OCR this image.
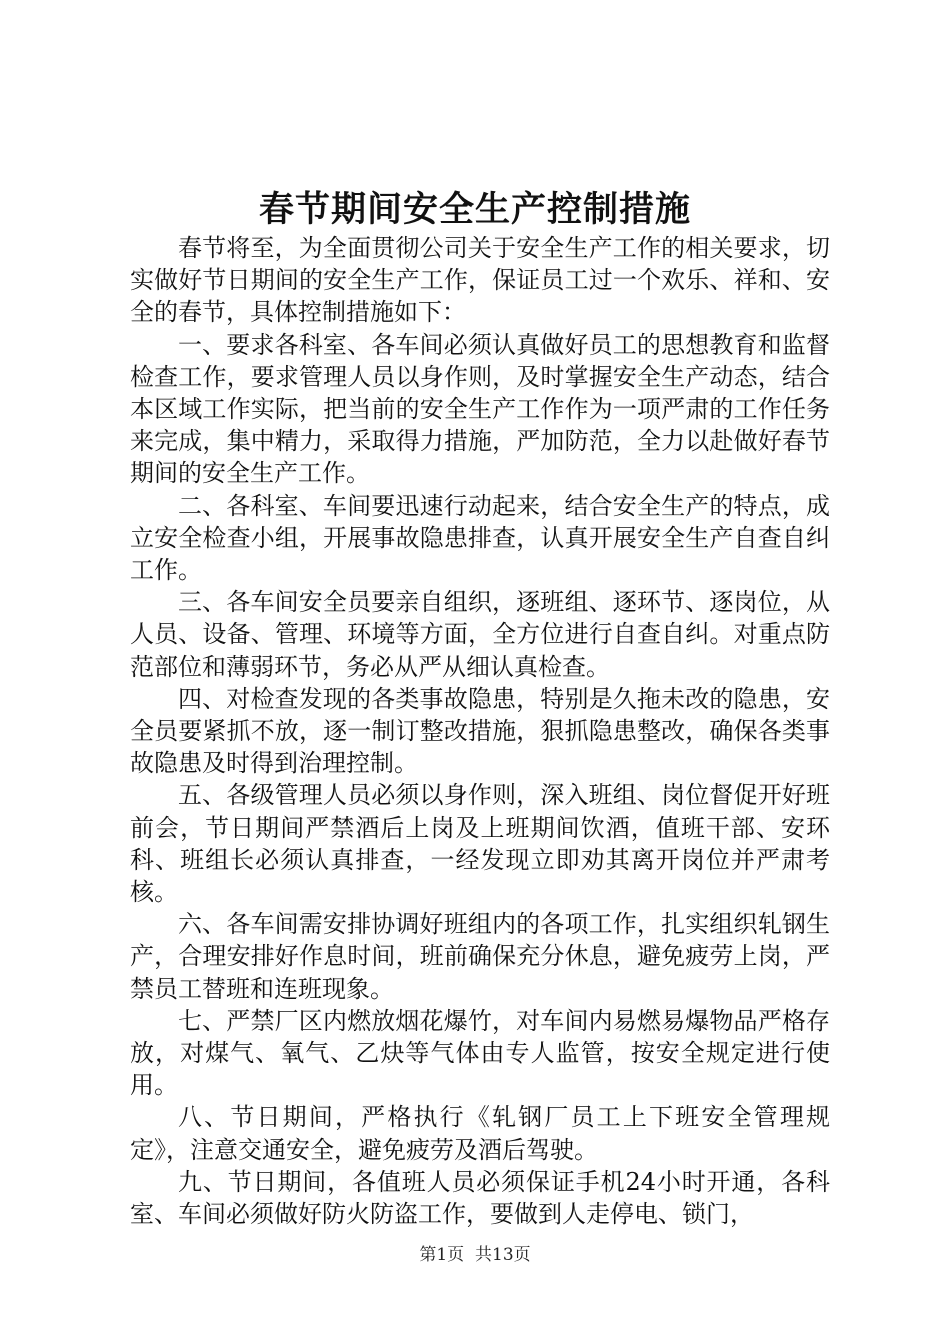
春节期间安全生产控制措施

春节将至，为全面贯彻公司关于安全生产工作的相关要求，切实做好节日期间的安全生产工作，保证员工过一个欢乐、祥和、安全的春节，具体控制措施如下：

一、要求各科室、各车间必须认真做好员工的思想教育和监督检查工作，要求管理人员以身作则，及时掌握安全生产动态，结合本区域工作实际，把当前的安全生产工作作为一项严肃的工作任务来完成，集中精力，采取得力措施，严加防范，全力以赴做好春节期间的安全生产工作。

二、各科室、车间要迅速行动起来，结合安全生产的特点，成立安全检查小组，开展事故隐患排查，认真开展安全生产自查自纠工作。

三、各车间安全员要亲自组织，逐班组、逐环节、逐岗位，从人员、设备、管理、环境等方面，全方位进行自查自纠。对重点防范部位和薄弱环节，务必从严从细认真检查。

四、对检查发现的各类事故隐患，特别是久拖未改的隐患，安全员要紧抓不放，逐一制订整改措施，狠抓隐患整改，确保各类事故隐患及时得到治理控制。

五、各级管理人员必须以身作则，深入班组、岗位督促开好班前会，节日期间严禁酒后上岗及上班期间饮酒，值班干部、安环科、班组长必须认真排查，一经发现立即劝其离开岗位并严肃考核。

六、各车间需安排协调好班组内的各项工作，扎实组织轧钢生产，合理安排好作息时间，班前确保充分休息，避免疲劳上岗，严禁员工替班和连班现象。

七、严禁厂区内燃放烟花爆竹，对车间内易燃易爆物品严格存放，对煤气、氧气、乙炔等气体由专人监管，按安全规定进行使用。

八、节日期间，严格执行《轧钢厂员工上下班安全管理规定》，注意交通安全，避免疲劳及酒后驾驶。

九、节日期间，各值班人员必须保证手机24小时开通，各科室、车间必须做好防火防盗工作，要做到人走停电、锁门，

第1页 共13页
